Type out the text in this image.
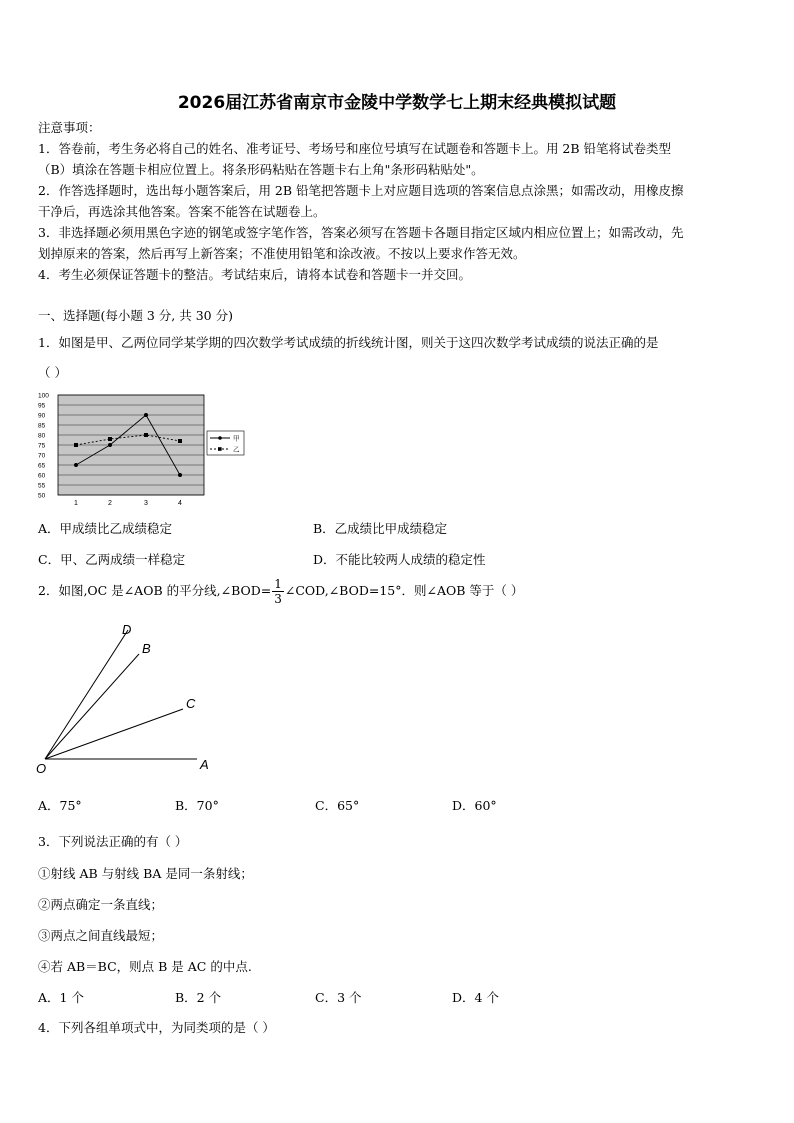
2026届江苏省南京市金陵中学数学七上期末经典模拟试题
注意事项：
1．答卷前，考生务必将自己的姓名、准考证号、考场号和座位号填写在试题卷和答题卡上。用 2B 铅笔将试卷类型
（B）填涂在答题卡相应位置上。将条形码粘贴在答题卡右上角"条形码粘贴处"。
2．作答选择题时，选出每小题答案后，用 2B 铅笔把答题卡上对应题目选项的答案信息点涂黑；如需改动，用橡皮擦
干净后，再选涂其他答案。答案不能答在试题卷上。
3．非选择题必须用黑色字迹的钢笔或签字笔作答，答案必须写在答题卡各题目指定区域内相应位置上；如需改动，先
划掉原来的答案，然后再写上新答案；不准使用铅笔和涂改液。不按以上要求作答无效。
4．考生必须保证答题卡的整洁。考试结束后，请将本试卷和答题卡一并交回。
一、选择题(每小题 3 分, 共 30 分)
1．如图是甲、乙两位同学某学期的四次数学考试成绩的折线统计图，则关于这四次数学考试成绩的说法正确的是
（ ）
50
55
60
65
70
75
80
85
90
95
100
1	2	3	4
甲
乙
A．甲成绩比乙成绩稳定	B．乙成绩比甲成绩稳定
C．甲、乙两成绩一样稳定	D．不能比较两人成绩的稳定性
2．如图,OC 是∠AOB 的平分线,∠BOD= $\frac{1}{3}$ ∠COD,∠BOD=15°．则∠AOB 等于（ ）
D
B
C
O	A
A．75°	B．70°	C．65°	D．60°
3．下列说法正确的有（ ）
①射线 AB 与射线 BA 是同一条射线；
②两点确定一条直线；
③两点之间直线最短；
④若 AB＝BC，则点 B 是 AC 的中点.
A．1 个	B．2 个	C．3 个	D．4 个
4．下列各组单项式中，为同类项的是（ ）
